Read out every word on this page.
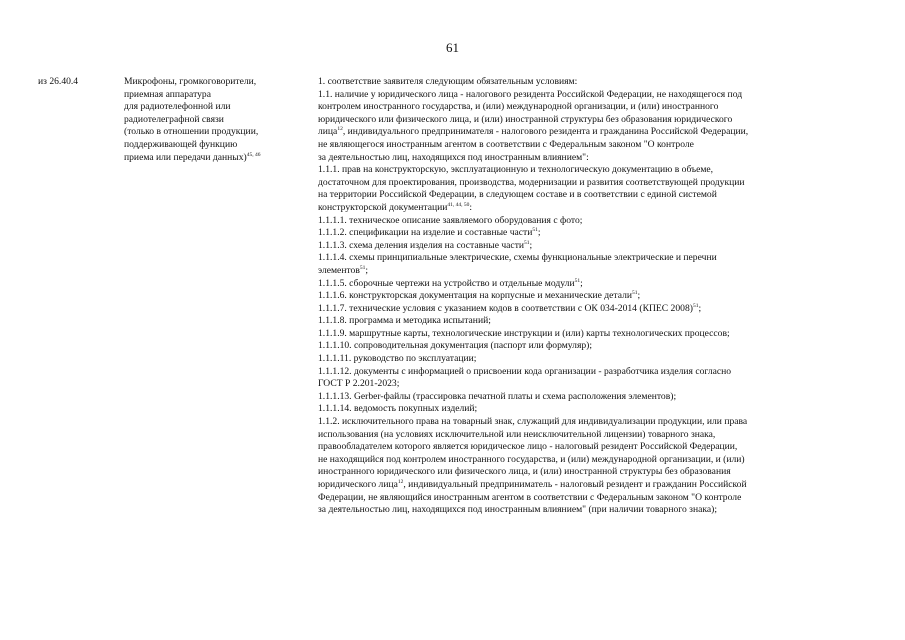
61
из 26.40.4	Микрофоны, громкоговорители,
приемная аппаратура
для радиотелефонной или
радиотелеграфной связи
(только в отношении продукции,
поддерживающей функцию
приема или передачи данных)$^{45, 46}$
1. соответствие заявителя следующим обязательным условиям:
1.1. наличие у юридического лица - налогового резидента Российской Федерации, не находящегося под
контролем иностранного государства, и (или) международной организации, и (или) иностранного
юридического или физического лица, и (или) иностранной структуры без образования юридического
лица$^{12}$, индивидуального предпринимателя - налогового резидента и гражданина Российской Федерации,
не являющегося иностранным агентом в соответствии с Федеральным законом "О контроле
за деятельностью лиц, находящихся под иностранным влиянием":
1.1.1. прав на конструкторскую, эксплуатационную и технологическую документацию в объеме,
достаточном для проектирования, производства, модернизации и развития соответствующей продукции
на территории Российской Федерации, в следующем составе и в соответствии с единой системой
конструкторской документации$^{41, 44, 50}$:
1.1.1.1. техническое описание заявляемого оборудования с фото;
1.1.1.2. спецификации на изделие и составные части$^{51}$;
1.1.1.3. схема деления изделия на составные части$^{51}$;
1.1.1.4. схемы принципиальные электрические, схемы функциональные электрические и перечни
элементов$^{51}$;
1.1.1.5. сборочные чертежи на устройство и отдельные модули$^{51}$;
1.1.1.6. конструкторская документация на корпусные и механические детали$^{51}$;
1.1.1.7. технические условия с указанием кодов в соответствии с ОК 034-2014 (КПЕС 2008)$^{51}$;
1.1.1.8. программа и методика испытаний;
1.1.1.9. маршрутные карты, технологические инструкции и (или) карты технологических процессов;
1.1.1.10. сопроводительная документация (паспорт или формуляр);
1.1.1.11. руководство по эксплуатации;
1.1.1.12. документы с информацией о присвоении кода организации - разработчика изделия согласно
ГОСТ Р 2.201-2023;
1.1.1.13. Gerber-файлы (трассировка печатной платы и схема расположения элементов);
1.1.1.14. ведомость покупных изделий;
1.1.2. исключительного права на товарный знак, служащий для индивидуализации продукции, или права
использования (на условиях исключительной или неисключительной лицензии) товарного знака,
правообладателем которого является юридическое лицо - налоговый резидент Российской Федерации,
не находящийся под контролем иностранного государства, и (или) международной организации, и (или)
иностранного юридического или физического лица, и (или) иностранной структуры без образования
юридического лица$^{12}$, индивидуальный предприниматель - налоговый резидент и гражданин Российской
Федерации, не являющийся иностранным агентом в соответствии с Федеральным законом "О контроле
за деятельностью лиц, находящихся под иностранным влиянием" (при наличии товарного знака);
